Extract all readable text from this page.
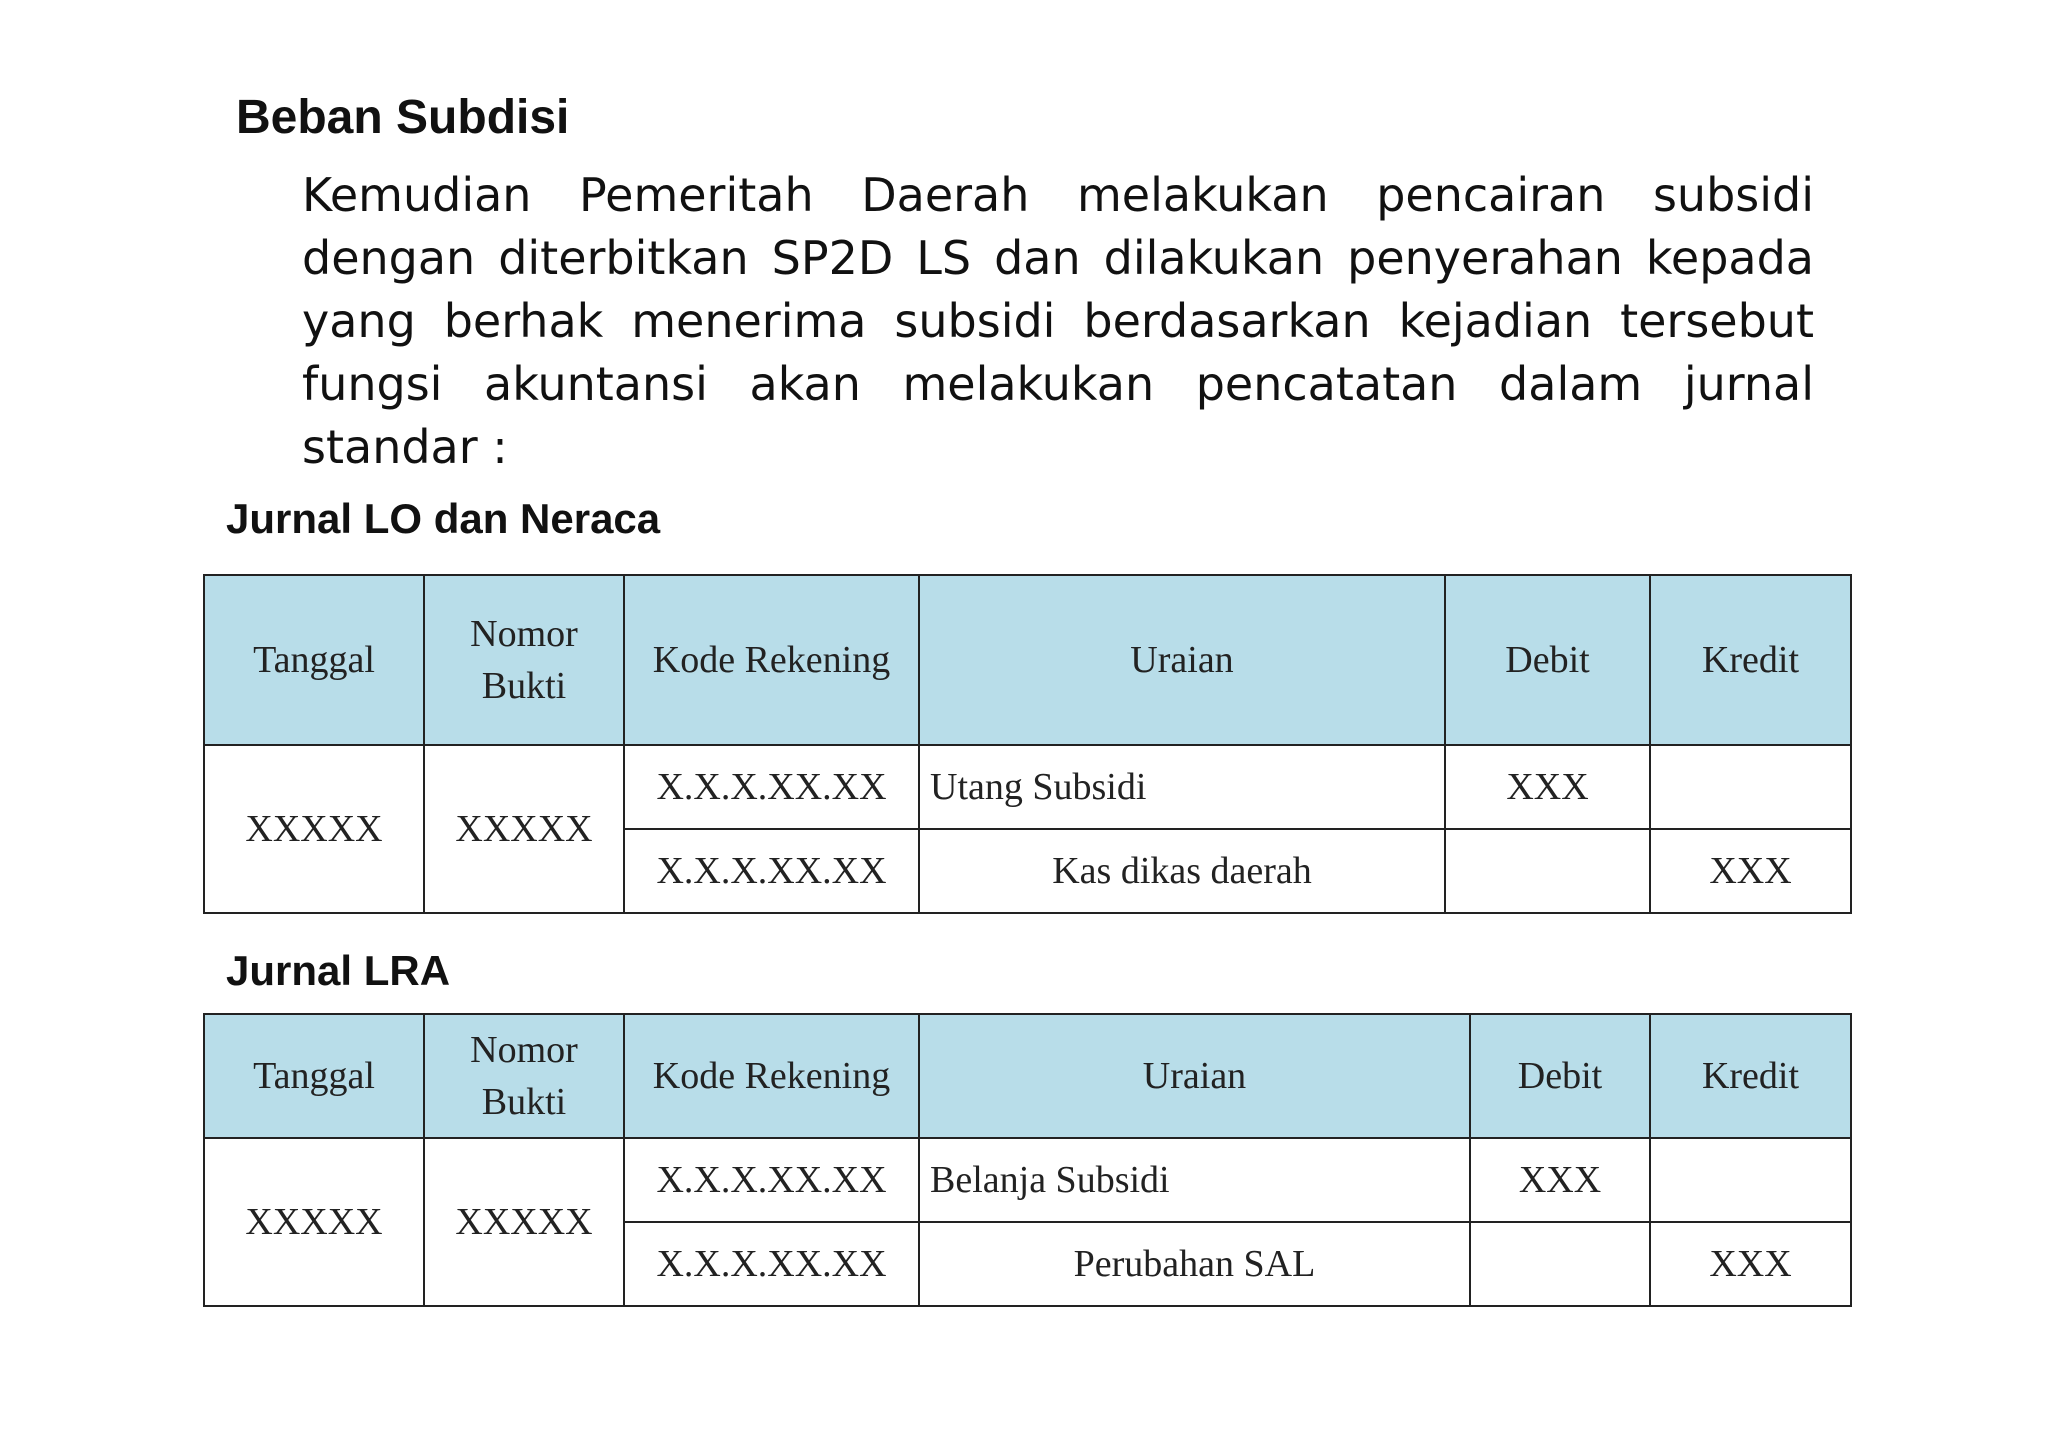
Beban Subdisi

Kemudian Pemeritah Daerah melakukan pencairan subsidi dengan diterbitkan SP2D LS dan dilakukan penyerahan kepada yang berhak menerima subsidi berdasarkan kejadian tersebut fungsi akuntansi akan melakukan pencatatan dalam jurnal standar :

Jurnal LO dan Neraca
Tanggal	Nomor Bukti	Kode Rekening	Uraian	Debit	Kredit
XXXXX	XXXXX	X.X.X.XX.XX	Utang Subsidi	XXX	
		X.X.X.XX.XX	Kas dikas daerah		XXX
Jurnal LRA
Tanggal	Nomor Bukti	Kode Rekening	Uraian	Debit	Kredit
XXXXX	XXXXX	X.X.X.XX.XX	Belanja Subsidi	XXX	
		X.X.X.XX.XX	Perubahan SAL		XXX
